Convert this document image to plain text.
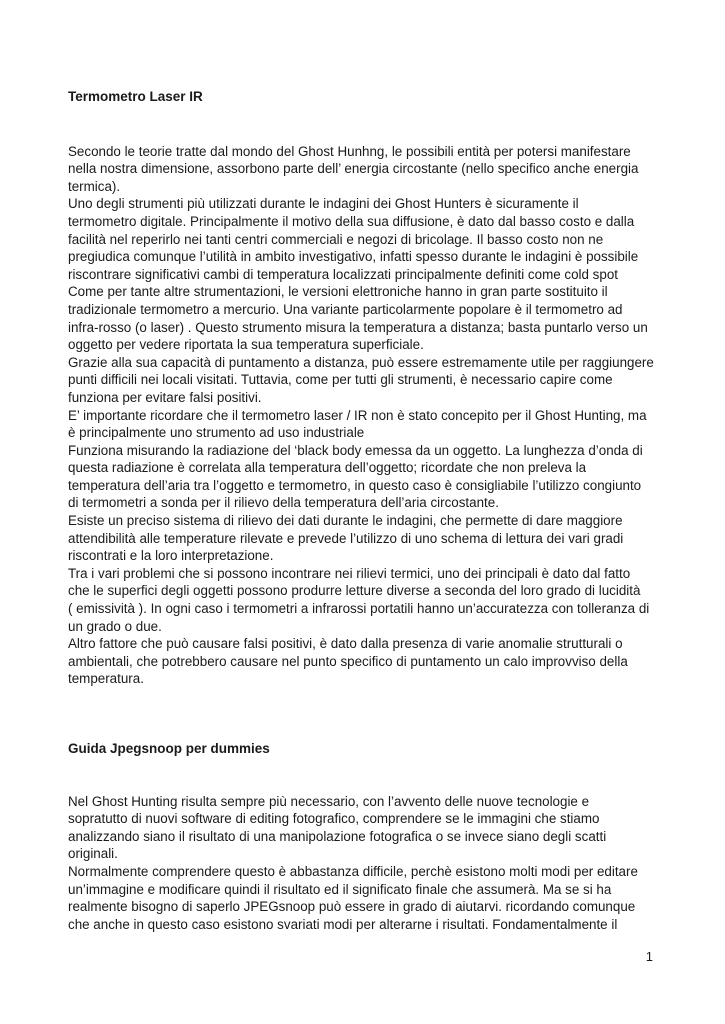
Termometro Laser IR
Secondo le teorie tratte dal mondo del Ghost Hunhng, le possibili entità per potersi manifestare
nella nostra dimensione, assorbono parte dell’ energia circostante (nello specifico anche energia
termica).
Uno degli strumenti più utilizzati durante le indagini dei Ghost Hunters è sicuramente il
termometro digitale. Principalmente il motivo della sua diffusione, è dato dal basso costo e dalla
facilità nel reperirlo nei tanti centri commerciali e negozi di bricolage. Il basso costo non ne
pregiudica comunque l’utilità in ambito investigativo, infatti spesso durante le indagini è possibile
riscontrare significativi cambi di temperatura localizzati principalmente definiti come cold spot
Come per tante altre strumentazioni, le versioni elettroniche hanno in gran parte sostituito il
tradizionale termometro a mercurio. Una variante particolarmente popolare è il termometro ad
infra-rosso (o laser) . Questo strumento misura la temperatura a distanza; basta puntarlo verso un
oggetto per vedere riportata la sua temperatura superficiale.
Grazie alla sua capacità di puntamento a distanza, può essere estremamente utile per raggiungere
punti difficili nei locali visitati. Tuttavia, come per tutti gli strumenti, è necessario capire come
funziona per evitare falsi positivi.
E’ importante ricordare che il termometro laser / IR non è stato concepito per il Ghost Hunting, ma
è principalmente uno strumento ad uso industriale
Funziona misurando la radiazione del ‘black body emessa da un oggetto. La lunghezza d’onda di
questa radiazione è correlata alla temperatura dell’oggetto; ricordate che non preleva la
temperatura dell’aria tra l’oggetto e termometro, in questo caso è consigliabile l’utilizzo congiunto
di termometri a sonda per il rilievo della temperatura dell’aria circostante.
Esiste un preciso sistema di rilievo dei dati durante le indagini, che permette di dare maggiore
attendibilità alle temperature rilevate e prevede l’utilizzo di uno schema di lettura dei vari gradi
riscontrati e la loro interpretazione.
Tra i vari problemi che si possono incontrare nei rilievi termici, uno dei principali è dato dal fatto
che le superfici degli oggetti possono produrre letture diverse a seconda del loro grado di lucidità
( emissività ). In ogni caso i termometri a infrarossi portatili hanno un’accuratezza con tolleranza di
un grado o due.
Altro fattore che può causare falsi positivi, è dato dalla presenza di varie anomalie strutturali o
ambientali, che potrebbero causare nel punto specifico di puntamento un calo improvviso della
temperatura.
Guida Jpegsnoop per dummies
Nel Ghost Hunting risulta sempre più necessario, con l’avvento delle nuove tecnologie e
sopratutto di nuovi software di editing fotografico, comprendere se le immagini che stiamo
analizzando siano il risultato di una manipolazione fotografica o se invece siano degli scatti
originali.
Normalmente comprendere questo è abbastanza difficile, perchè esistono molti modi per editare
un’immagine e modificare quindi il risultato ed il significato finale che assumerà. Ma se si ha
realmente bisogno di saperlo JPEGsnoop può essere in grado di aiutarvi. ricordando comunque
che anche in questo caso esistono svariati modi per alterarne i risultati. Fondamentalmente il
1
